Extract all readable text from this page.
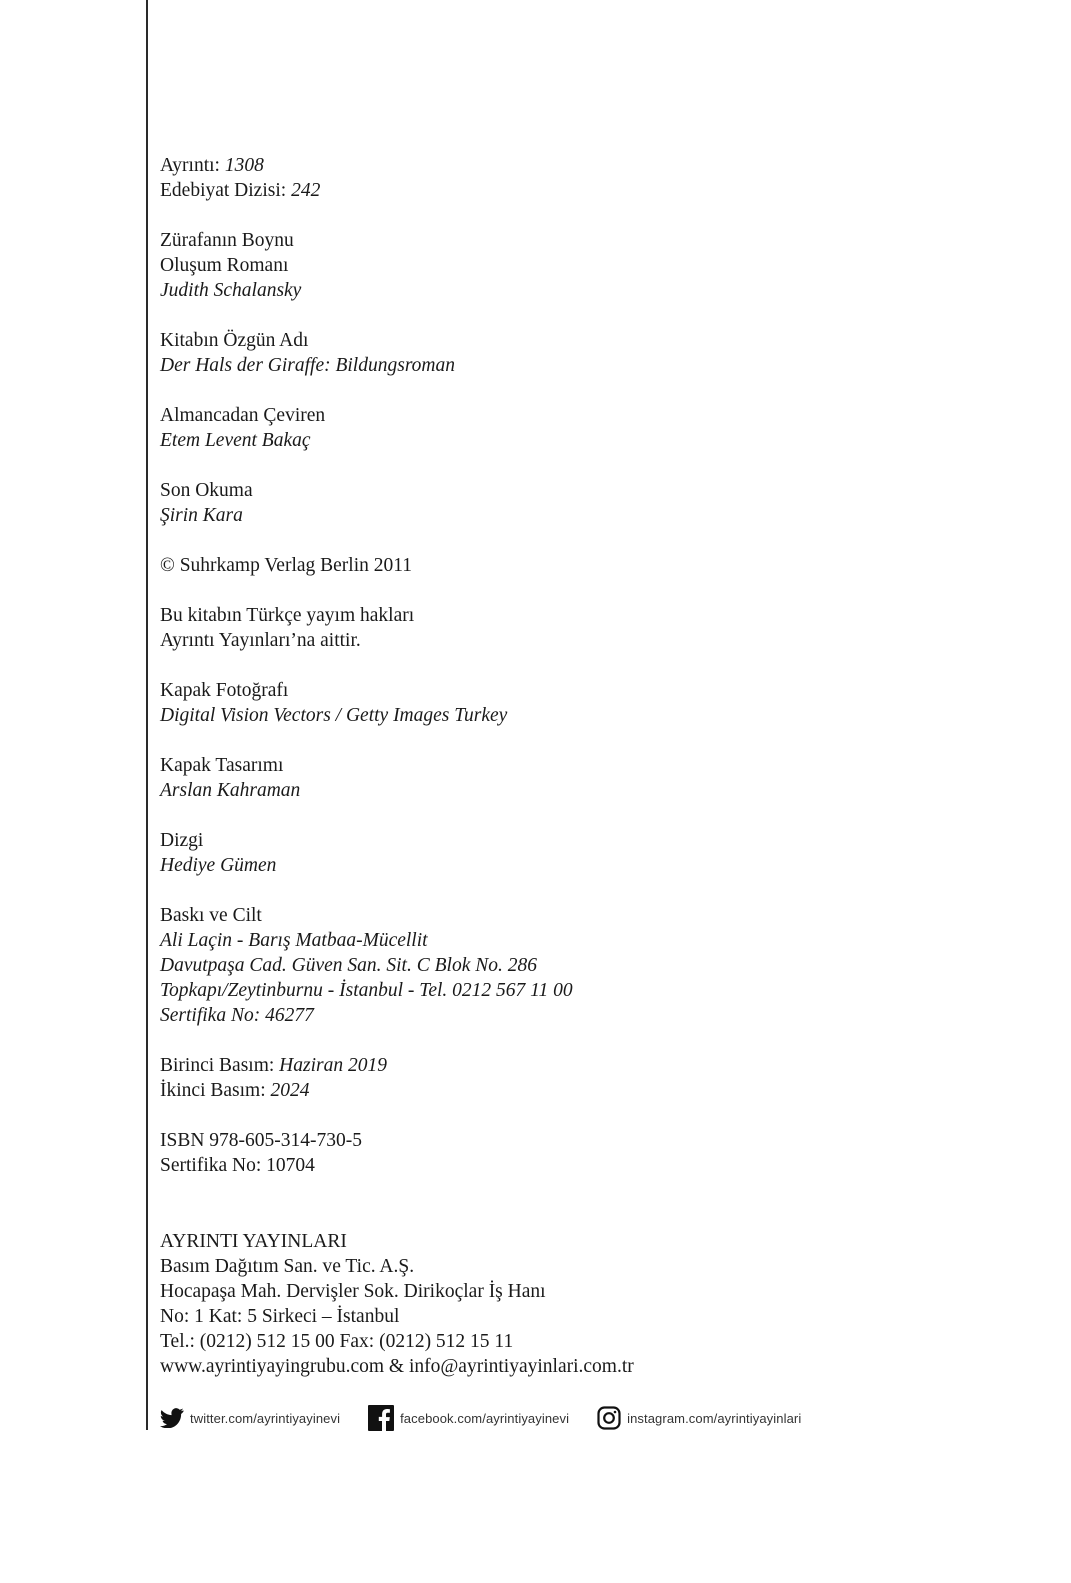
Ayrıntı: 1308
Edebiyat Dizisi: 242
Zürafanın Boynu
Oluşum Romanı
Judith Schalansky
Kitabın Özgün Adı
Der Hals der Giraffe: Bildungsroman
Almancadan Çeviren
Etem Levent Bakaç
Son Okuma
Şirin Kara
© Suhrkamp Verlag Berlin 2011
Bu kitabın Türkçe yayım hakları
Ayrıntı Yayınları’na aittir.
Kapak Fotoğrafı
Digital Vision Vectors / Getty Images Turkey
Kapak Tasarımı
Arslan Kahraman
Dizgi
Hediye Gümen
Baskı ve Cilt
Ali Laçin - Barış Matbaa-Mücellit
Davutpaşa Cad. Güven San. Sit. C Blok No. 286
Topkapı/Zeytinburnu - İstanbul - Tel. 0212 567 11 00
Sertifika No: 46277
Birinci Basım: Haziran 2019
İkinci Basım: 2024
ISBN 978-605-314-730-5
Sertifika No: 10704
AYRINTI YAYINLARI
Basım Dağıtım San. ve Tic. A.Ş.
Hocapaşa Mah. Dervişler Sok. Dirikoçlar İş Hanı
No: 1 Kat: 5 Sirkeci – İstanbul
Tel.: (0212) 512 15 00 Fax: (0212) 512 15 11
www.ayrintiyayingrubu.com & info@ayrintiyayinlari.com.tr
twitter.com/ayrintiyayinevi	facebook.com/ayrintiyayinevi	instagram.com/ayrintiyayinlari
